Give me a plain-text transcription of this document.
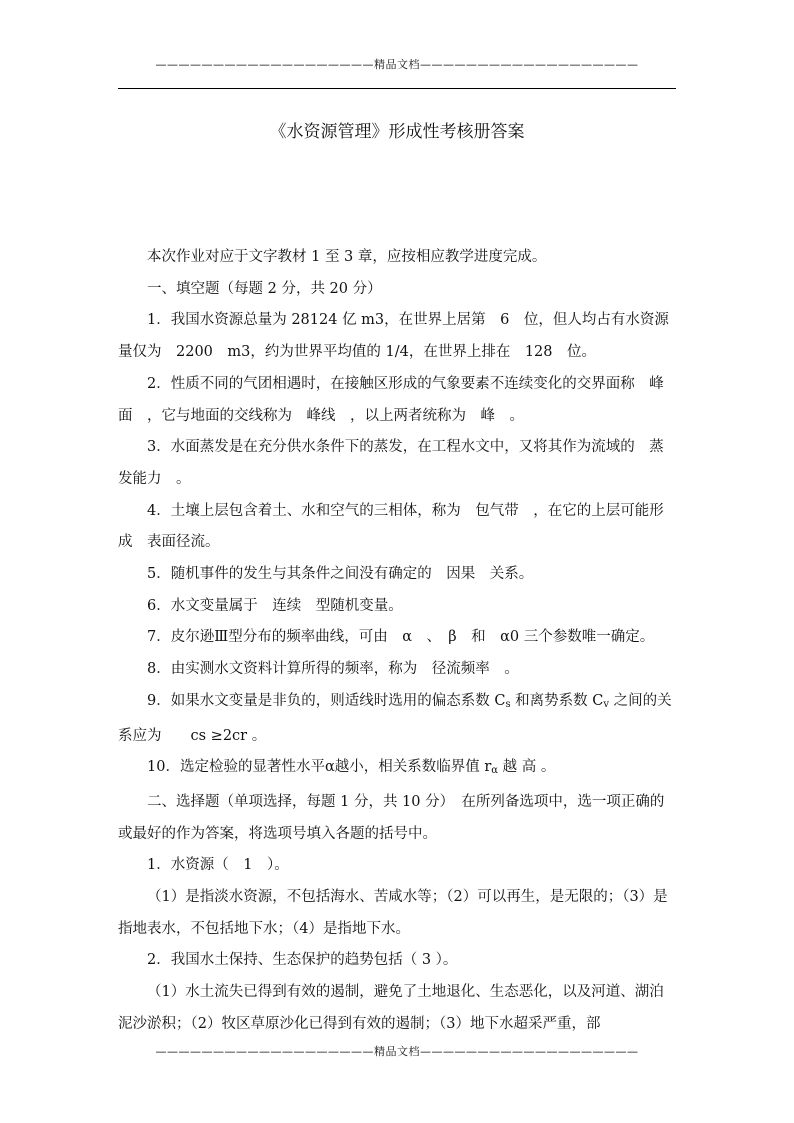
———————————————————精品文档———————————————————
《水资源管理》形成性考核册答案

本次作业对应于文字教材 1 至 3 章，应按相应教学进度完成。

一、填空题（每题 2 分，共 20 分）

1．我国水资源总量为 28124 亿 m3，在世界上居第　6　位，但人均占有水资源量仅为　2200　m3，约为世界平均值的 1/4，在世界上排在　128　位。

2．性质不同的气团相遇时，在接触区形成的气象要素不连续变化的交界面称　峰面　，它与地面的交线称为　峰线　，以上两者统称为　峰　。

3．水面蒸发是在充分供水条件下的蒸发，在工程水文中，又将其作为流域的　蒸发能力　。

4．土壤上层包含着土、水和空气的三相体，称为　包气带　，在它的上层可能形成　表面径流。

5．随机事件的发生与其条件之间没有确定的　因果　关系。

6．水文变量属于　连续　型随机变量。

7．皮尔逊Ⅲ型分布的频率曲线，可由　α　、　β　和　α0 三个参数唯一确定。

8．由实测水文资料计算所得的频率，称为　径流频率　。

9．如果水文变量是非负的，则适线时选用的偏态系数 $C_s$ 和离势系数 $C_v$ 之间的关系应为　　cs ≥2cr 。

10．选定检验的显著性水平α越小，相关系数临界值 $r_\alpha$ 越 高 。

二、选择题（单项选择，每题 1 分，共 10 分）　在所列备选项中，选一项正确的或最好的作为答案，将选项号填入各题的括号中。

1．水资源（　1　）。

（1）是指淡水资源，不包括海水、苦咸水等；（2）可以再生，是无限的；（3）是指地表水，不包括地下水；（4）是指地下水。

2．我国水土保持、生态保护的趋势包括（ 3 ）。

（1）水土流失已得到有效的遏制，避免了土地退化、生态恶化，以及河道、湖泊泥沙淤积；（2）牧区草原沙化已得到有效的遏制；（3）地下水超采严重，部

———————————————————精品文档———————————————————
